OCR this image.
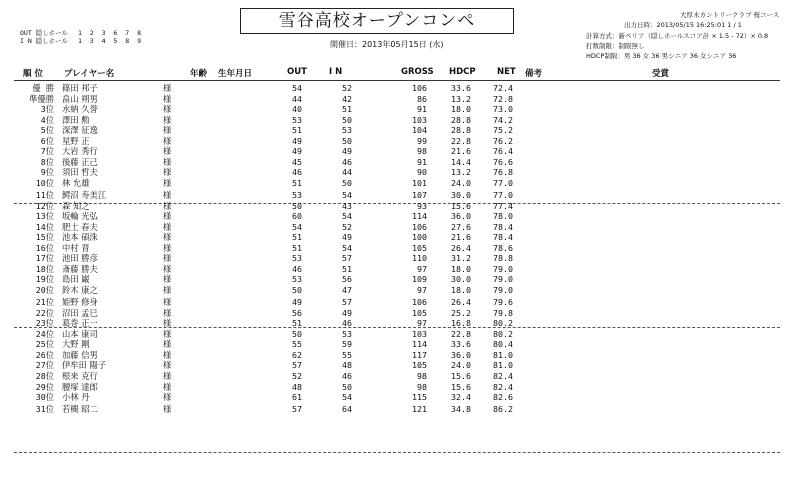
OUT 隠しホール 1 2 3 6 7 8
I N 隠しホール 1 3 4 5 8 9
雪谷高校オープンコンペ
開催日：2013年05月15日 (水)
大厚木カントリークラブ 桜コース
出力日時：2013/05/15 16:25:01 1 / 1
計算方式：新ペリア（隠しホールスコア計 × 1.5 - 72）× 0.8
打数制限：制限無し
HDCP制限：男 36 女 36 男シニア 36 女シニア 36
順 位 プレイヤー名	年齢 生年月日	OUT	I N	GROSS HDCP	NET 備考	受賞
優 勝 篠田 邦子	様	54	52	106	33.6	72.4
準優勝 畠山 朔男	様	44	42	86	13.2	72.8
3位 水納 久誉	様	40	51	91	18.0	73.0
4位 澤田 勲	様	53	50	103	28.8	74.2
5位 深澤 征逸	様	51	53	104	28.8	75.2
6位 星野 正	様	49	50	99	22.8	76.2
7位 大岩 秀行	様	49	49	98	21.6	76.4
8位 後藤 正己	様	45	46	91	14.4	76.6
9位 須田 哲夫	様	46	44	90	13.2	76.8
10位 林 允雄	様	51	50	101	24.0	77.0
11位 鰐沼 寿美江	様	53	54	107	30.0	77.0
12位 森 知之	様	50	43	93	15.6	77.4
13位 坂輪 光弘	様	60	54	114	36.0	78.0
14位 肥土 春夫	様	54	52	106	27.6	78.4
15位 池本 碩洙	様	51	49	100	21.6	78.4
16位 中村 晋	様	51	54	105	26.4	78.6
17位 池田 勝彦	様	53	57	110	31.2	78.8
18位 斎藤 勝夫	様	46	51	97	18.0	79.0
19位 島田 巌	様	53	56	109	30.0	79.0
20位 鈴木 康之	様	50	47	97	18.0	79.0
21位 姫野 修身	様	49	57	106	26.4	79.6
22位 沼田 孟巳	様	56	49	105	25.2	79.8
23位 葛巻 正一	様	51	46	97	16.8	80.2
24位 山本 康司	様	50	53	103	22.8	80.2
25位 大野 剛	様	55	59	114	33.6	80.4
26位 加藤 信男	様	62	55	117	36.0	81.0
27位 伊牟田 陽子	様	57	48	105	24.0	81.0
28位 根来 克行	様	52	46	98	15.6	82.4
29位 腰塚 達郎	様	48	50	98	15.6	82.4
30位 小林 丹	様	61	54	115	32.4	82.6
31位 若槻 昭二	様	57	64	121	34.8	86.2
